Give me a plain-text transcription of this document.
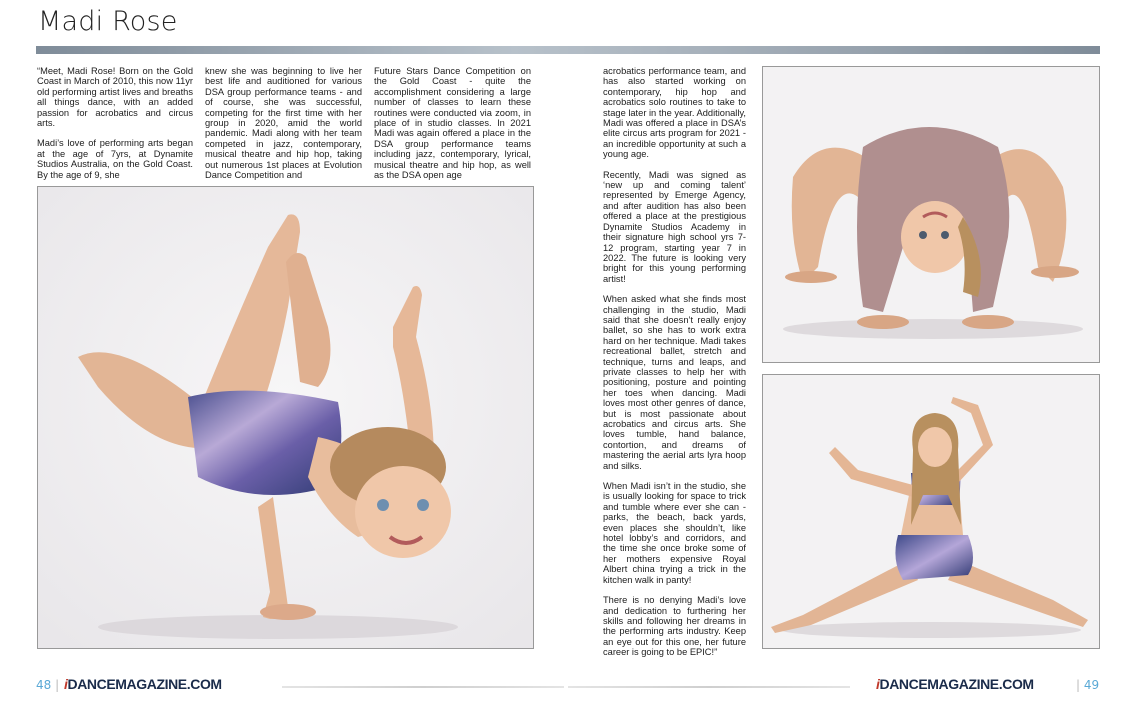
Madi Rose

“Meet, Madi Rose! Born on the Gold Coast in March of 2010, this now 11yr old performing artist lives and breaths all things dance, with an added passion for acrobatics and circus arts.

Madi’s love of performing arts began at the age of 7yrs, at Dynamite Studios Australia, on the Gold Coast. By the age of 9, she

knew she was beginning to live her best life and auditioned for various DSA group performance teams - and of course, she was successful, competing for the first time with her group in 2020, amid the world pandemic. Madi along with her team competed in jazz, contemporary, musical theatre and hip hop, taking out numerous 1st places at Evolution Dance Competition and

Future Stars Dance Competition on the Gold Coast - quite the accomplishment considering a large number of classes to learn these routines were conducted via zoom, in place of in studio classes. In 2021 Madi was again offered a place in the DSA group performance teams including jazz, contemporary, lyrical, musical theatre and hip hop, as well as the DSA open age

acrobatics performance team, and has also started working on contemporary, hip hop and acrobatics solo routines to take to stage later in the year. Additionally, Madi was offered a place in DSA’s elite circus arts program for 2021 - an incredible opportunity at such a young age.

Recently, Madi was signed as ‘new up and coming talent’ represented by Emerge Agency, and after audition has also been offered a place at the prestigious Dynamite Studios Academy in their signature high school yrs 7-12 program, starting year 7 in 2022. The future is looking very bright for this young performing artist!

When asked what she finds most challenging in the studio, Madi said that she doesn’t really enjoy ballet, so she has to work extra hard on her technique. Madi takes recreational ballet, stretch and technique, turns and leaps, and private classes to help her with positioning, posture and pointing her toes when dancing. Madi loves most other genres of dance, but is most passionate about acrobatics and circus arts. She loves tumble, hand balance, contortion, and dreams of mastering the aerial arts lyra hoop and silks.

When Madi isn’t in the studio, she is usually looking for space to trick and tumble where ever she can - parks, the beach, back yards, even places she shouldn’t, like hotel lobby’s and corridors, and the time she once broke some of her mothers expensive Royal Albert china trying a trick in the kitchen walk in panty!

There is no denying Madi’s love and dedication to furthering her skills and following her dreams in the performing arts industry. Keep an eye out for this one, her future career is going to be EPIC!”

48 | iDANCEMAGAZINE.COM	iDANCEMAGAZINE.COM	| 49
